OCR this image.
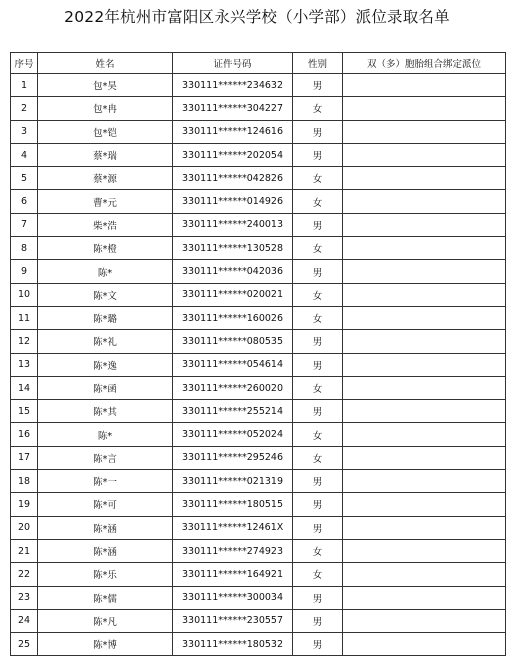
2022年杭州市富阳区永兴学校（小学部）派位录取名单
序号	姓名	证件号码	性别	双（多）胞胎组合绑定派位
1	包*昊	330111******234632	男	
2	包*冉	330111******304227	女	
3	包*铠	330111******124616	男	
4	蔡*瑞	330111******202054	男	
5	蔡*源	330111******042826	女	
6	曹*元	330111******014926	女	
7	柴*浩	330111******240013	男	
8	陈*橙	330111******130528	女	
9	陈*	330111******042036	男	
10	陈*文	330111******020021	女	
11	陈*璐	330111******160026	女	
12	陈*礼	330111******080535	男	
13	陈*逸	330111******054614	男	
14	陈*函	330111******260020	女	
15	陈*其	330111******255214	男	
16	陈*	330111******052024	女	
17	陈*言	330111******295246	女	
18	陈*一	330111******021319	男	
19	陈*可	330111******180515	男	
20	陈*涵	330111******12461X	男	
21	陈*涵	330111******274923	女	
22	陈*乐	330111******164921	女	
23	陈*儒	330111******300034	男	
24	陈*凡	330111******230557	男	
25	陈*博	330111******180532	男	
